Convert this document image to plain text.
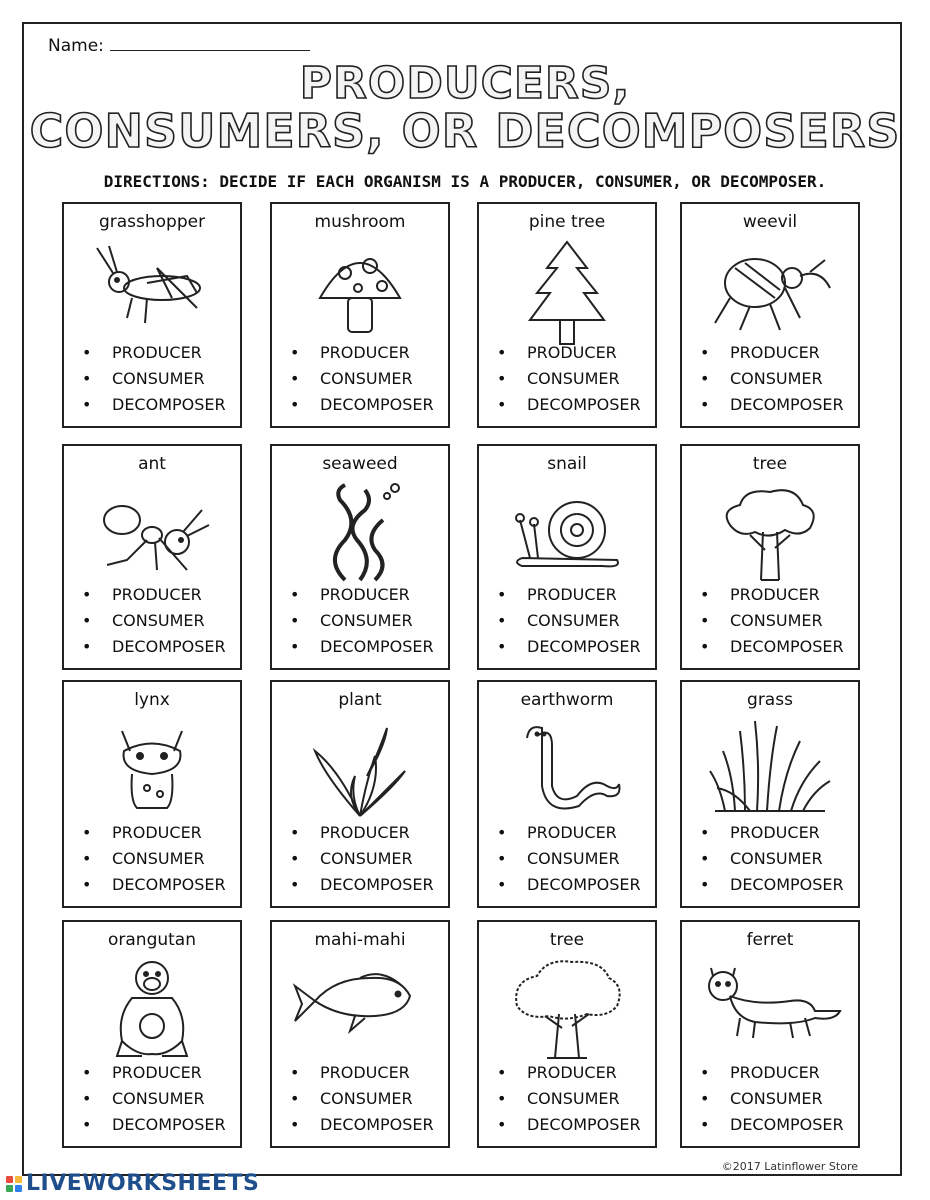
Name:
PRODUCERS,
CONSUMERS, OR DECOMPOSERS
DIRECTIONS: DECIDE IF EACH ORGANISM IS A PRODUCER, CONSUMER, OR DECOMPOSER.
grasshopper
•	PRODUCER
•	CONSUMER
•	DECOMPOSER
mushroom
•	PRODUCER
•	CONSUMER
•	DECOMPOSER
pine tree
•	PRODUCER
•	CONSUMER
•	DECOMPOSER
weevil
•	PRODUCER
•	CONSUMER
•	DECOMPOSER
ant
•	PRODUCER
•	CONSUMER
•	DECOMPOSER
seaweed
•	PRODUCER
•	CONSUMER
•	DECOMPOSER
snail
•	PRODUCER
•	CONSUMER
•	DECOMPOSER
tree
•	PRODUCER
•	CONSUMER
•	DECOMPOSER
lynx
•	PRODUCER
•	CONSUMER
•	DECOMPOSER
plant
•	PRODUCER
•	CONSUMER
•	DECOMPOSER
earthworm
•	PRODUCER
•	CONSUMER
•	DECOMPOSER
grass
•	PRODUCER
•	CONSUMER
•	DECOMPOSER
orangutan
•	PRODUCER
•	CONSUMER
•	DECOMPOSER
mahi-mahi
•	PRODUCER
•	CONSUMER
•	DECOMPOSER
tree
•	PRODUCER
•	CONSUMER
•	DECOMPOSER
ferret
•	PRODUCER
•	CONSUMER
•	DECOMPOSER
©2017 Latinflower Store
LIVEWORKSHEETS
